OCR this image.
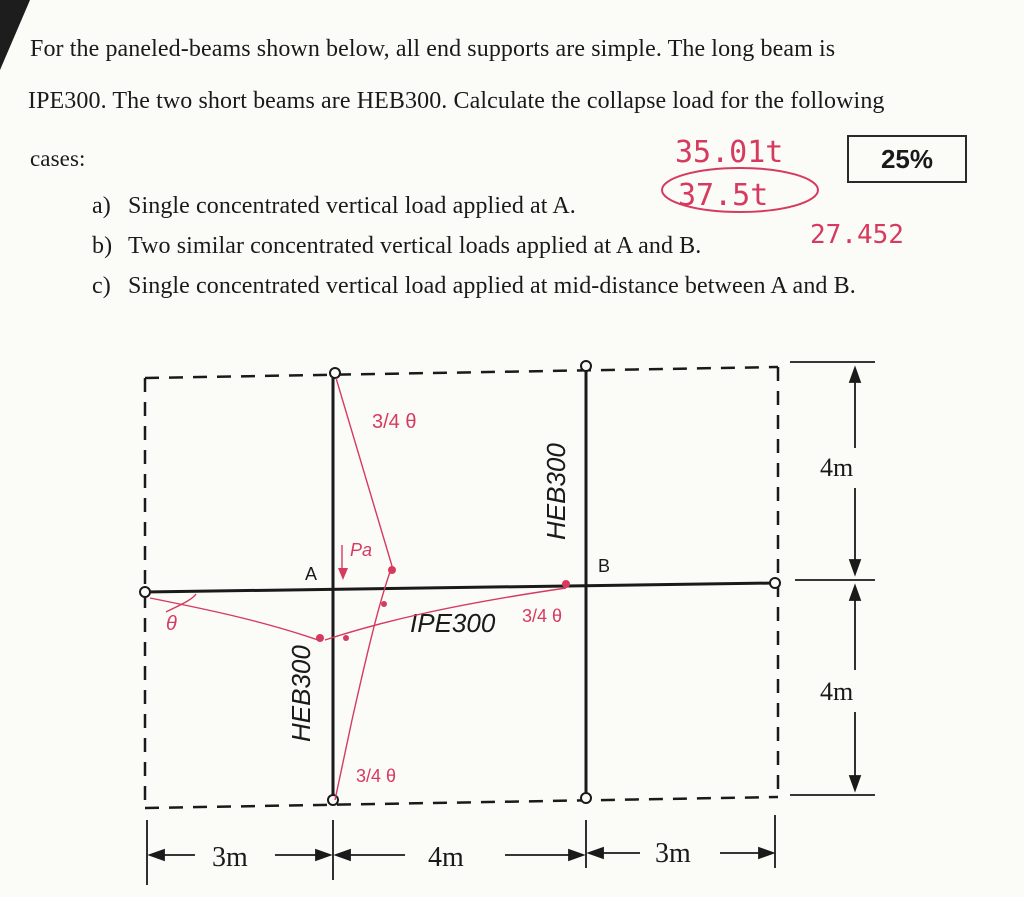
For the paneled-beams shown below, all end supports are simple. The long beam is
IPE300. The two short beams are HEB300. Calculate the collapse load for the following
cases:
a) Single concentrated vertical load applied at A.
b) Two similar concentrated vertical loads applied at A and B.
c) Single concentrated vertical load applied at mid-distance between A and B.
25%
35.01t
37.5t
27.452
A	B
IPE300
HEB300
HEB300	4m
4m
3m	4m	3m
3/4 θ
3/4 θ
3/4 θ
θ
Pa
